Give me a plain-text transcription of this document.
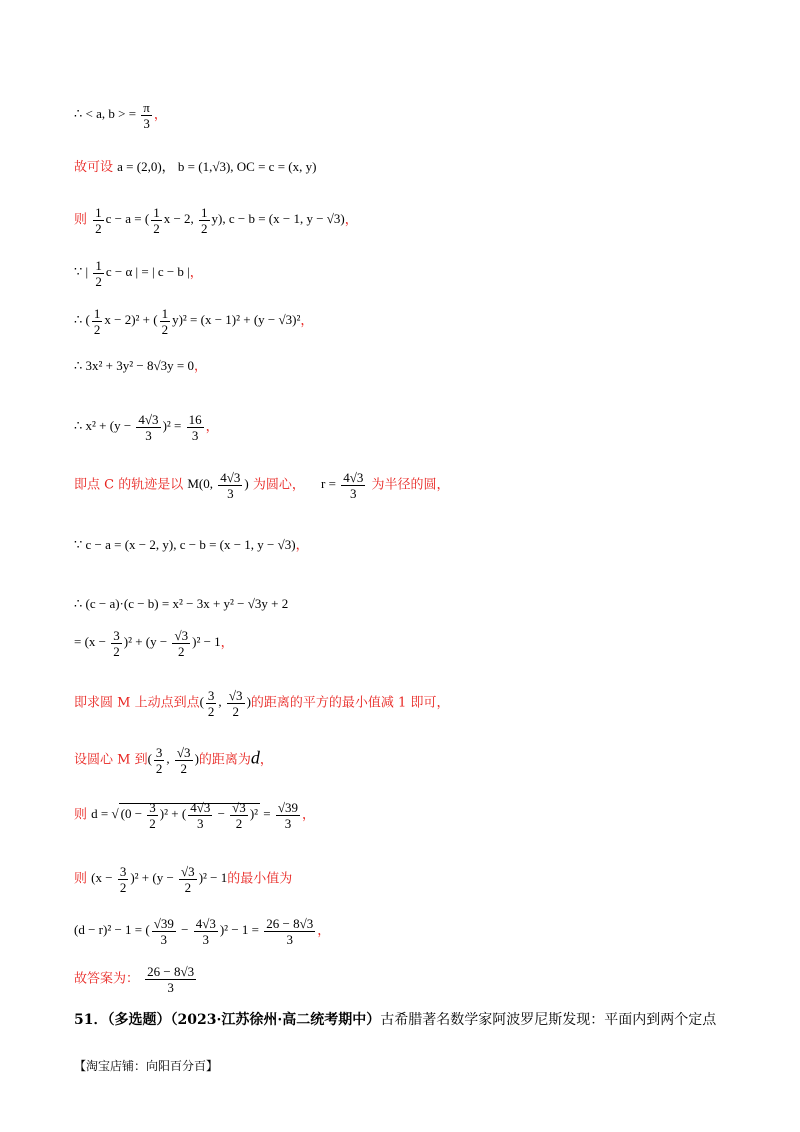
∴ < a, b > = $\frac{\pi}{3}$ ，
故可设 a = (2,0)， b = (1,√3), OC = c = (x, y)
则 $\frac{1}{2}$ c − a = ( $\frac{1}{2}$ x − 2, $\frac{1}{2} y$), c − b = (x − 1, y − √3)，
∵ | $\frac{1}{2}$ c − α | = | c − b |，
∴ ( $\frac{1}{2}$ x − 2)² + ( $\frac{1}{2} y)^2 = (x - 1)^2 + (y - √3)^2$，
∴ 3x² + 3y² − 8√3y = 0，
∴ $x^2 + (y - \frac{4√3}{3} )^2 = \frac{16}{3}$ ，
即点 C 的轨迹是以 M(0, $\frac{4√3}{3}$ ) 为圆心， $r = \frac{4√3}{3}$ 为半径的圆，
∵ c − a = (x − 2, y), c − b = (x − 1, y − √3)，
∴ (c − a)·(c − b) = x² − 3x + y² − √3y + 2
= $(x - \frac{3}{2} )^2 + (y - \frac{√3}{2} )^2 - 1$，
即求圆 M 上动点到点( $\frac{3}{2}$ , $\frac{√3}{2}$ )的距离的平方的最小值减 1 即可，
设圆心 M 到( $\frac{3}{2}$ , $\frac{√3}{2}$ )的距离为d，
则 d = √ $(0 - \frac{3}{2} )^2$ + ( $\frac{4√3}{3} - \frac{√3}{2} )^2 = \frac{√39}{3}$ ，
则 $(x - \frac{3}{2} )^2 + (y - \frac{√3}{2} )^2 - 1$的最小值为
(d − r)² − 1 = ( $\frac{√39}{3} - \frac{4√3}{3} )^2 - 1 = \frac{26 - 8√3}{3}$ ，
故答案为： $\frac{26 - 8√3}{3}$
51．（多选题）（2023·江苏徐州·高二统考期中）古希腊著名数学家阿波罗尼斯发现：平面内到两个定点
【淘宝店铺：向阳百分百】
